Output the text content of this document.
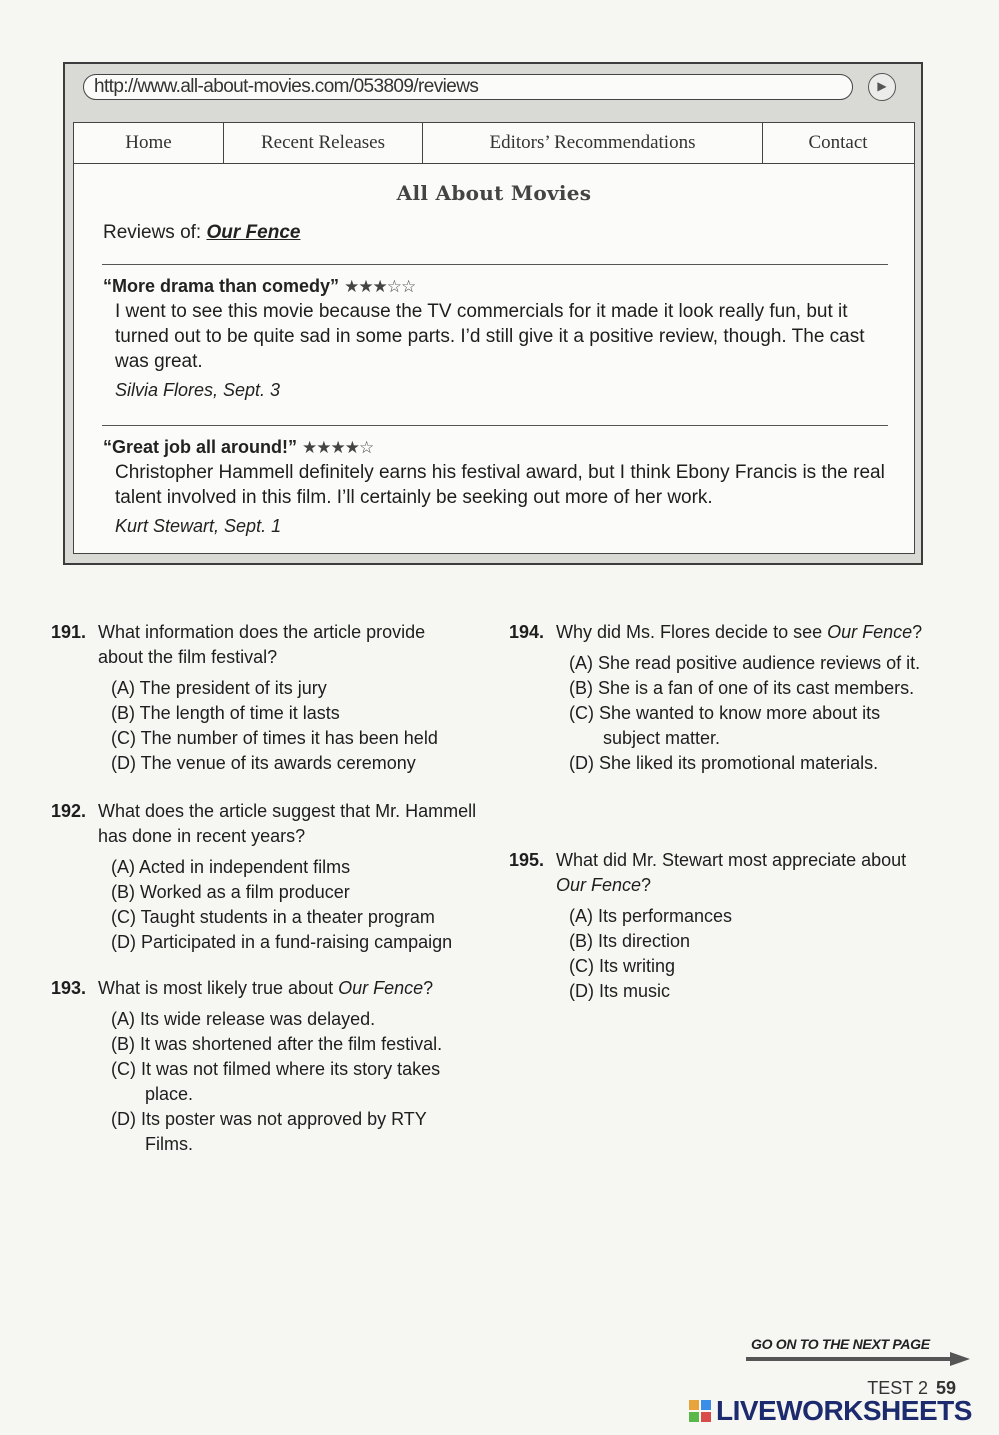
http://www.all-about-movies.com/053809/reviews	▶
Home	Recent Releases	Editors’ Recommendations	Contact
All About Movies
Reviews of: Our Fence
“More drama than comedy” ★★★☆☆
I went to see this movie because the TV commercials for it made it look really fun, but it turned out to be quite sad in some parts. I’d still give it a positive review, though. The cast was great.
Silvia Flores, Sept. 3
“Great job all around!” ★★★★☆
Christopher Hammell definitely earns his festival award, but I think Ebony Francis is the real talent involved in this film. I’ll certainly be seeking out more of her work.
Kurt Stewart, Sept. 1
191. What information does the article provide about the film festival?
(A) The president of its jury
(B) The length of time it lasts
(C) The number of times it has been held
(D) The venue of its awards ceremony
192. What does the article suggest that Mr. Hammell has done in recent years?
(A) Acted in independent films
(B) Worked as a film producer
(C) Taught students in a theater program
(D) Participated in a fund-raising campaign
193. What is most likely true about Our Fence?
(A) Its wide release was delayed.
(B) It was shortened after the film festival.
(C) It was not filmed where its story takes place.
(D) Its poster was not approved by RTY Films.
194. Why did Ms. Flores decide to see Our Fence?
(A) She read positive audience reviews of it.
(B) She is a fan of one of its cast members.
(C) She wanted to know more about its subject matter.
(D) She liked its promotional materials.
195. What did Mr. Stewart most appreciate about Our Fence?
(A) Its performances
(B) Its direction
(C) Its writing
(D) Its music
GO ON TO THE NEXT PAGE
TEST 2 59
LIVEWORKSHEETS
